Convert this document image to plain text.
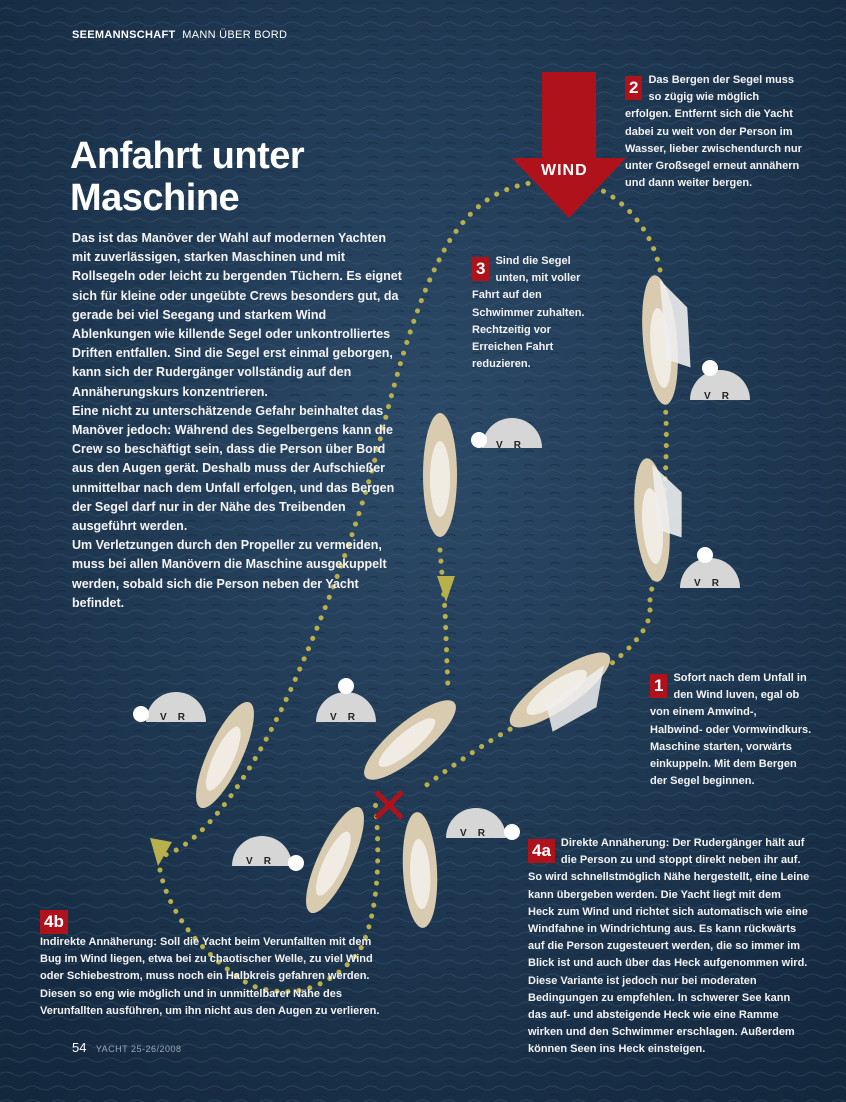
V R
V R
V R
V R	V R
V R
V R
SEEMANNSCHAFT MANN ÜBER BORD
Anfahrt unter
Maschine

Das ist das Manöver der Wahl auf modernen Yachten mit zuverlässigen, starken Maschinen und mit Rollsegeln oder leicht zu bergenden Tüchern. Es eignet sich für kleine oder ungeübte Crews besonders gut, da gerade bei viel Seegang und starkem Wind Ablenkungen wie killende Segel oder unkontrolliertes Driften entfallen. Sind die Segel erst einmal geborgen, kann sich der Rudergänger vollständig auf den Annäherungskurs konzentrieren.

Eine nicht zu unterschätzende Gefahr beinhaltet das Manöver jedoch: Während des Segelbergens kann die Crew so beschäftigt sein, dass die Person über Bord aus den Augen gerät. Deshalb muss der Aufschießer unmittelbar nach dem Unfall erfolgen, und das Bergen der Segel darf nur in der Nähe des Treibenden ausgeführt werden.

Um Verletzungen durch den Propeller zu vermeiden, muss bei allen Manövern die Maschine ausgekuppelt werden, sobald sich die Person neben der Yacht befindet.

WIND
2 Das Bergen der Segel muss so zügig wie möglich erfolgen. Entfernt sich die Yacht dabei zu weit von der Person im Wasser, lieber zwischendurch nur unter Großsegel erneut annähern und dann weiter bergen.
3 Sind die Segel unten, mit voller Fahrt auf den Schwimmer zuhalten. Rechtzeitig vor Erreichen Fahrt reduzieren.
1 Sofort nach dem Unfall in den Wind luven, egal ob von einem Amwind-, Halbwind- oder Vormwindkurs. Maschine starten, vorwärts einkuppeln. Mit dem Bergen der Segel beginnen.
4a Direkte Annäherung: Der Rudergänger hält auf die Person zu und stoppt direkt neben ihr auf. So wird schnellstmöglich Nähe hergestellt, eine Leine kann übergeben werden. Die Yacht liegt mit dem Heck zum Wind und richtet sich automatisch wie eine Windfahne in Windrichtung aus. Es kann rückwärts auf die Person zugesteuert werden, die so immer im Blick ist und auch über das Heck aufgenommen wird. Diese Variante ist jedoch nur bei moderaten Bedingungen zu empfehlen. In schwerer See kann das auf- und absteigende Heck wie eine Ramme wirken und den Schwimmer erschlagen. Außerdem können Seen ins Heck einsteigen.
4b
Indirekte Annäherung: Soll die Yacht beim Verunfallten mit dem Bug im Wind liegen, etwa bei zu chaotischer Welle, zu viel Wind oder Schiebestrom, muss noch ein Halbkreis gefahren werden. Diesen so eng wie möglich und in unmittelbarer Nähe des Verunfallten ausführen, um ihn nicht aus den Augen zu verlieren.
54 YACHT 25-26/2008
